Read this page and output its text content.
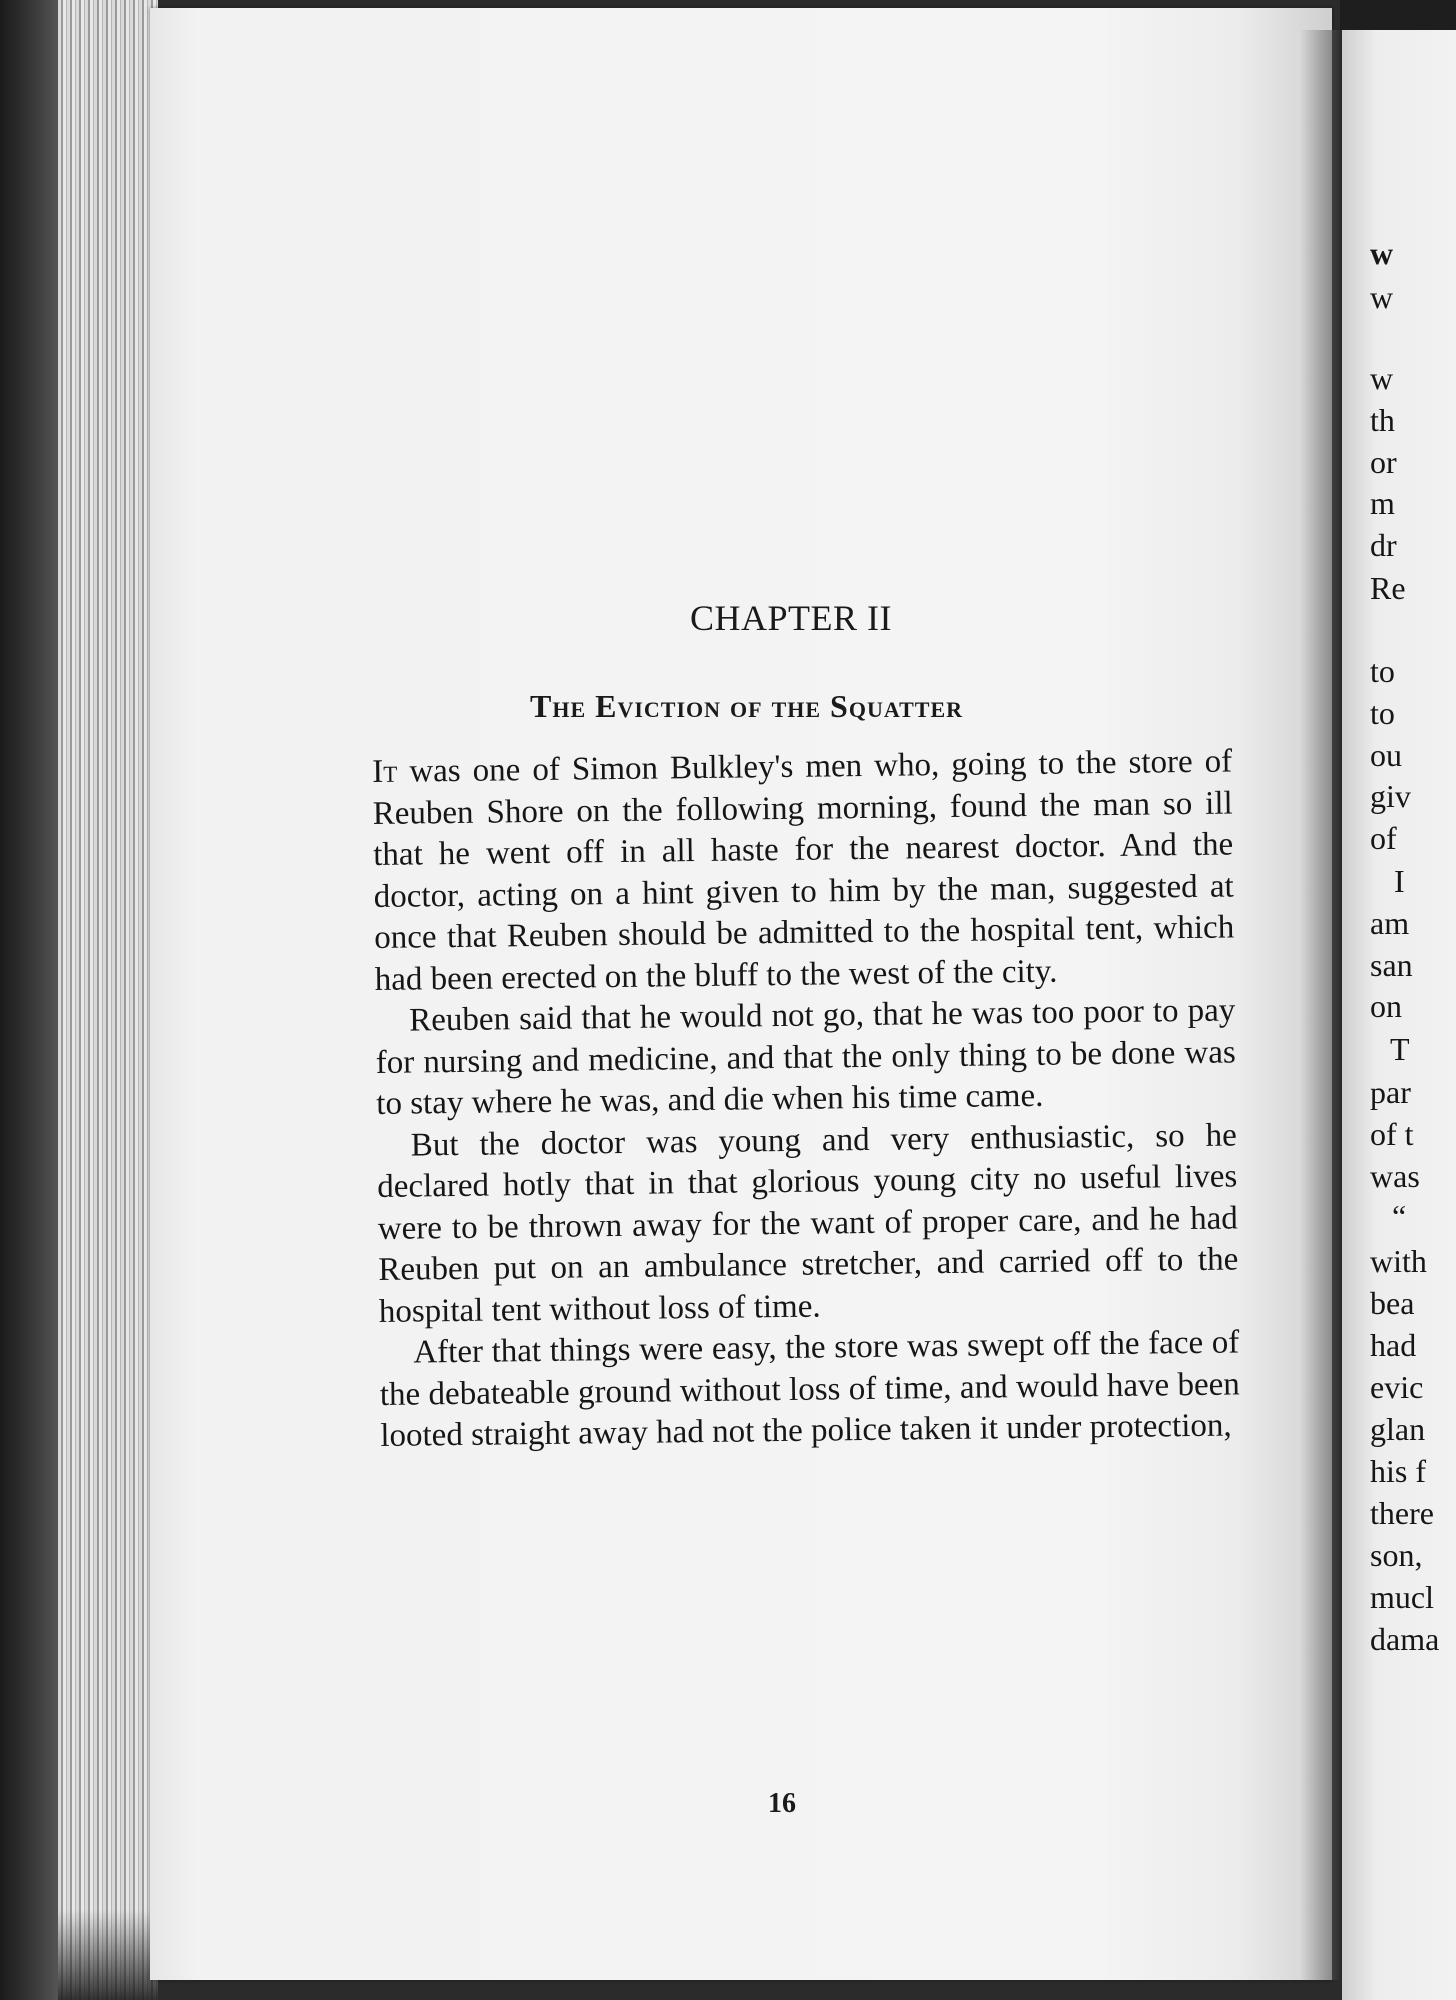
CHAPTER II
The Eviction of the Squatter

It was one of Simon Bulkley's men who, going to the store of Reuben Shore on the following morning, found the man so ill that he went off in all haste for the nearest doctor. And the doctor, acting on a hint given to him by the man, suggested at once that Reuben should be admitted to the hospital tent, which had been erected on the bluff to the west of the city.

Reuben said that he would not go, that he was too poor to pay for nursing and medicine, and that the only thing to be done was to stay where he was, and die when his time came.

But the doctor was young and very enthusiastic, so he declared hotly that in that glorious young city no useful lives were to be thrown away for the want of proper care, and he had Reuben put on an ambulance stretcher, and carried off to the hospital tent without loss of time.

After that things were easy, the store was swept off the face of the debateable ground without loss of time, and would have been looted straight away had not the police taken it under protection,

16
w
w
w
th
or
m
dr
Re
to
to
ou
giv
of
I
am
san
on
T
par
of t
was
“
with
bea
had
evic
glan
his f
there
son,
mucl
dama
